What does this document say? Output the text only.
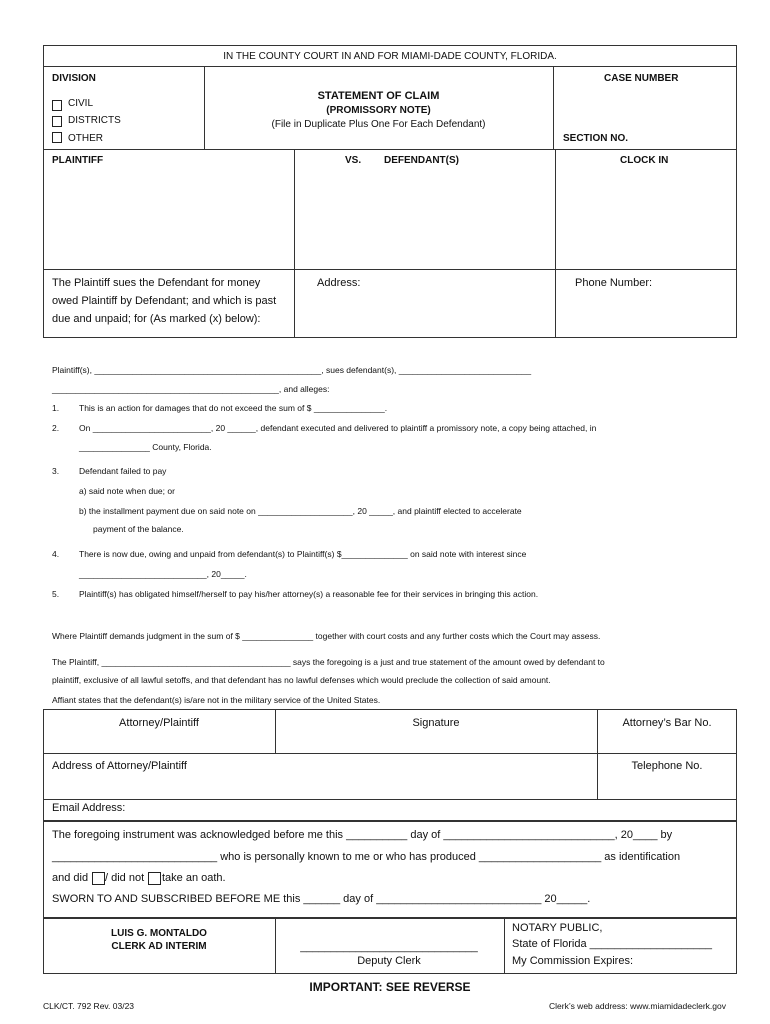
IN THE COUNTY COURT IN AND FOR MIAMI-DADE COUNTY, FLORIDA.
DIVISION
CIVIL
DISTRICTS
OTHER
STATEMENT OF CLAIM
(PROMISSORY NOTE)
(File in Duplicate Plus One For Each Defendant)
CASE NUMBER
SECTION NO.
PLAINTIFF	VS. DEFENDANT(S)	CLOCK IN
The Plaintiff sues the Defendant for money
owed Plaintiff by Defendant; and which is past
due and unpaid; for (As marked (x) below):
Address:	Phone Number:
Plaintiff(s), ________________________________________________, sues defendant(s), ____________________________
________________________________________________, and alleges:
1. This is an action for damages that do not exceed the sum of $ _______________.
2. On _________________________, 20 ______, defendant executed and delivered to plaintiff a promissory note, a copy being attached, in
_______________ County, Florida.
3. Defendant failed to pay
a) said note when due; or
b) the installment payment due on said note on ____________________, 20 _____, and plaintiff elected to accelerate
payment of the balance.
4. There is now due, owing and unpaid from defendant(s) to Plaintiff(s) $______________ on said note with interest since
___________________________, 20_____.
5. Plaintiff(s) has obligated himself/herself to pay his/her attorney(s) a reasonable fee for their services in bringing this action.
Where Plaintiff demands judgment in the sum of $ _______________ together with court costs and any further costs which the Court may assess.
The Plaintiff, ________________________________________ says the foregoing is a just and true statement of the amount owed by defendant to
plaintiff, exclusive of all lawful setoffs, and that defendant has no lawful defenses which would preclude the collection of said amount.
Affiant states that the defendant(s) is/are not in the military service of the United States.
Attorney/Plaintiff	Signature	Attorney’s Bar No.
Address of Attorney/Plaintiff	Telephone No.
Email Address:
The foregoing instrument was acknowledged before me this __________ day of ____________________________, 20____ by
___________________________ who is personally known to me or who has produced ____________________ as identification
and did / did not take an oath.
SWORN TO AND SUBSCRIBED BEFORE ME this ______ day of ___________________________ 20_____.
LUIS G. MONTALDO
CLERK AD INTERIM	_____________________________
Deputy Clerk
NOTARY PUBLIC,
State of Florida ____________________
My Commission Expires:
IMPORTANT: SEE REVERSE
CLK/CT. 792 Rev. 03/23	Clerk’s web address: www.miamidadeclerk.gov
